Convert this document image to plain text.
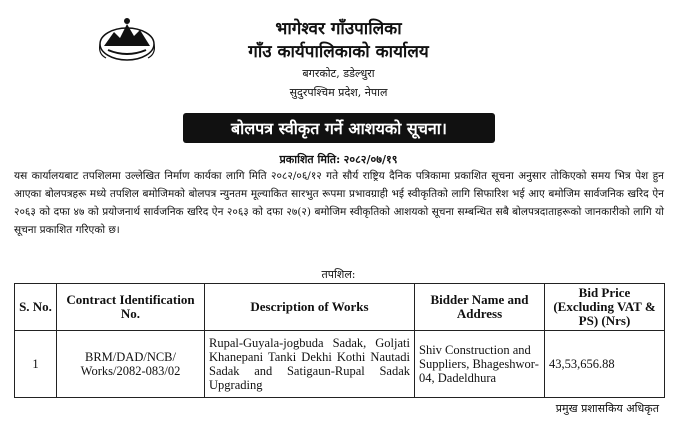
भागेश्वर गाँउपालिका
गाँउ कार्यपालिकाको कार्यालय
बगरकोट, डडेल्धुरा
सुदुरपश्चिम प्रदेश, नेपाल
बोलपत्र स्वीकृत गर्ने आशयको सूचना।
प्रकाशित मिति: २०८२/०७/१९

यस कार्यालयबाट तपशिलमा उल्लेखित निर्माण कार्यका लागि मिति २०८२/०६/१२ गते सौर्य राष्ट्रिय दैनिक पत्रिकामा प्रकाशित सूचना अनुसार तोकिएको समय भित्र पेश हुन आएका बोलपत्रहरू मध्ये तपशिल बमोजिमको बोलपत्र न्युनतम मूल्याकित सारभुत रूपमा प्रभावग्राही भई स्वीकृतिको लागि सिफारिश भई आए बमोजिम सार्वजनिक खरिद ऐन २०६३ को दफा ४७ को प्रयोजनार्थ सार्वजनिक खरिद ऐन २०६३ को दफा २७(२) बमोजिम स्वीकृतिको आशयको सूचना सम्बन्धित सबै बोलपत्रदाताहरूको जानकारीको लागि यो सूचना प्रकाशित गरिएको छ।

तपशिल:
S. No.	Contract Identification No.	Description of Works	Bidder Name and Address	Bid Price (Excluding VAT & PS) (Nrs)
1	BRM/DAD/NCB/ Works/2082-083/02	Rupal-Guyala-jogbuda Sadak, Goljati Khanepani Tanki Dekhi Kothi Nautadi Sadak and Satigaun-Rupal Sadak Upgrading	Shiv Construction and Suppliers, Bhageshwor-04, Dadeldhura	43,53,656.88
प्रमुख प्रशासकिय अधिकृत
